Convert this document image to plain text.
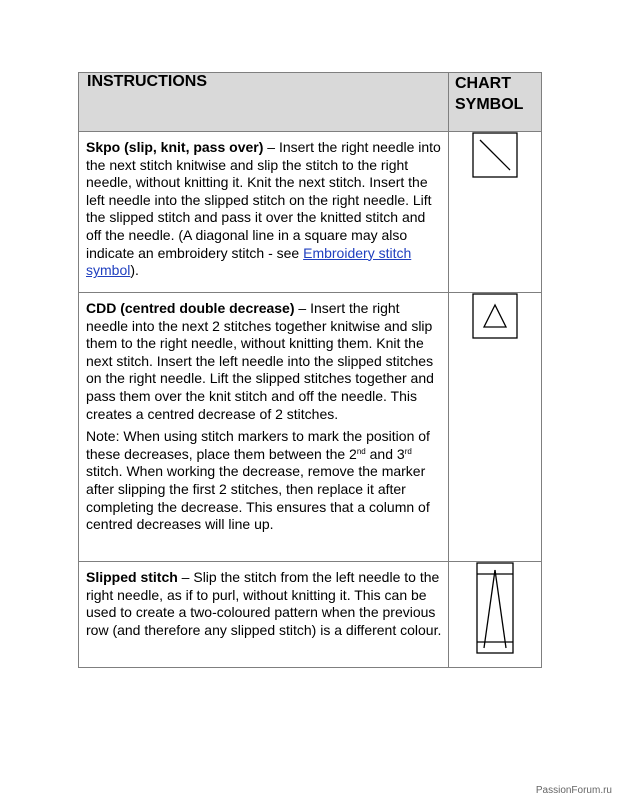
INSTRUCTIONS	CHART
SYMBOL

Skpo (slip, knit, pass over) – Insert the right needle into the next stitch knitwise and slip the stitch to the right needle, without knitting it. Knit the next stitch. Insert the left needle into the slipped stitch on the right needle. Lift the slipped stitch and pass it over the knitted stitch and off the needle. (A diagonal line in a square may also indicate an embroidery stitch - see Embroidery stitch symbol).

CDD (centred double decrease) – Insert the right needle into the next 2 stitches together knitwise and slip them to the right needle, without knitting them. Knit the next stitch. Insert the left needle into the slipped stitches on the right needle. Lift the slipped stitches together and pass them over the knit stitch and off the needle. This creates a centred decrease of 2 stitches.

Note: When using stitch markers to mark the position of these decreases, place them between the 2nd and 3rd stitch. When working the decrease, remove the marker after slipping the first 2 stitches, then replace it after completing the decrease. This ensures that a column of centred decreases will line up.

Slipped stitch – Slip the stitch from the left needle to the right needle, as if to purl, without knitting it. This can be used to create a two-coloured pattern when the previous row (and therefore any slipped stitch) is a different colour.

PassionForum.ru
